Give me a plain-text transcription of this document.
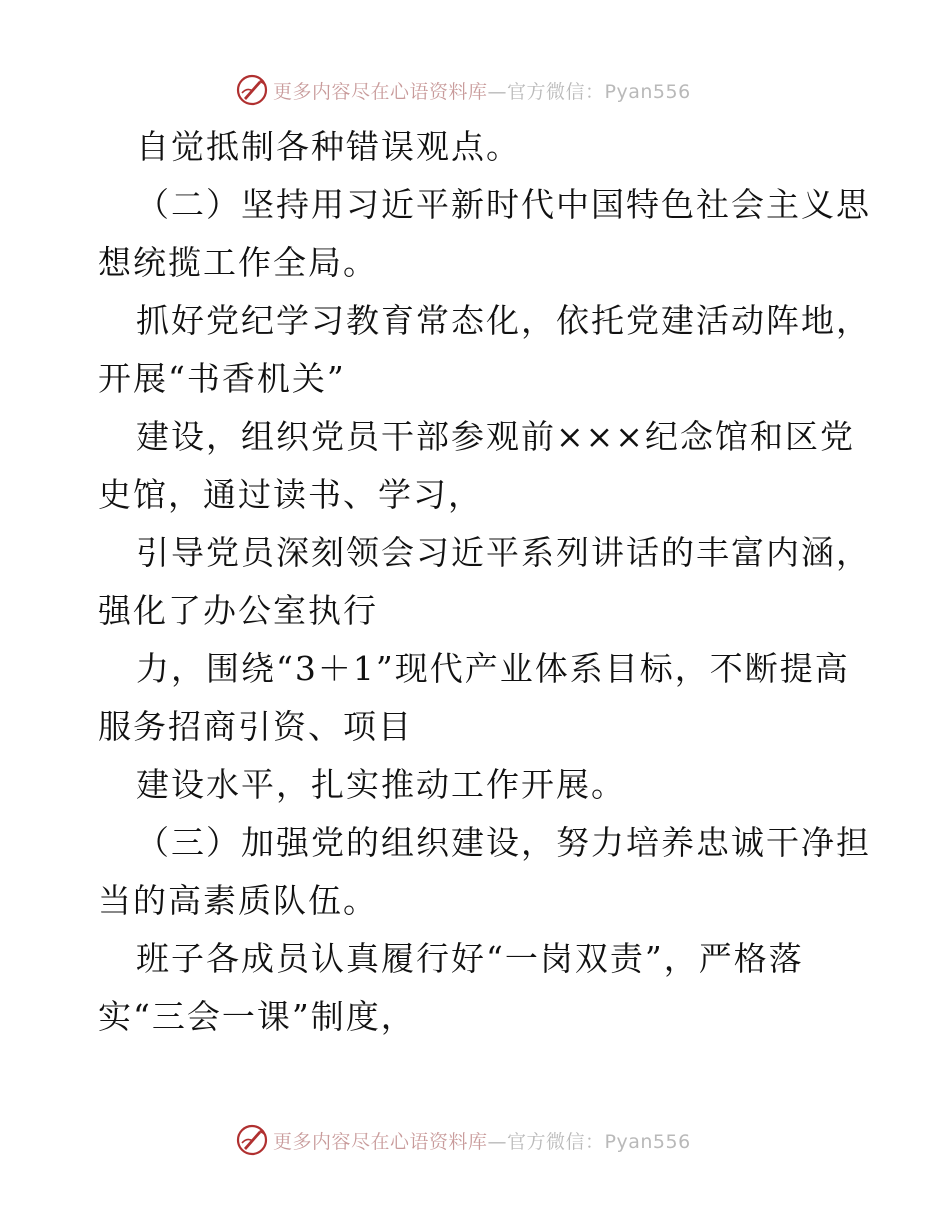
更多内容尽在心语资料库—官方微信：Pyan556
自觉抵制各种错误观点。
（二）坚持用习近平新时代中国特色社会主义思
想统揽工作全局。
抓好党纪学习教育常态化，依托党建活动阵地，
开展“书香机关”
建设，组织党员干部参观前×××纪念馆和区党
史馆，通过读书、学习，
引导党员深刻领会习近平系列讲话的丰富内涵，
强化了办公室执行
力，围绕“3＋1”现代产业体系目标，不断提高
服务招商引资、项目
建设水平，扎实推动工作开展。
（三）加强党的组织建设，努力培养忠诚干净担
当的高素质队伍。
班子各成员认真履行好“一岗双责”，严格落
实“三会一课”制度，
更多内容尽在心语资料库—官方微信：Pyan556
